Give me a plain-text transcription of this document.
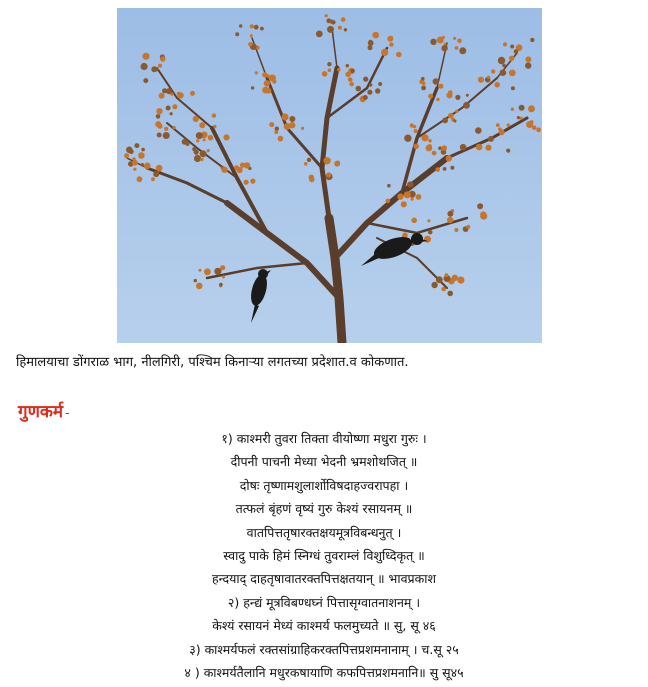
हिमालयाचा डोंगराळ भाग, नीलगिरी, पश्चिम किनाऱ्या लगतच्या प्रदेशात.व कोकणात.
गुणकर्म -
१) काश्मरी तुवरा तिक्ता वीयोष्णा मधुरा गुरुः ।
दीपनी पाचनी मेध्या भेदनी भ्रमशोथजित् ॥
दोषः तृष्णामशुलार्शोविषदाहज्वरापहा ।
तत्फलं बृंहणं वृष्यं गुरु केश्यं रसायनम् ॥
वातपित्ततृषारक्तक्षयमूत्रविबन्धनुत् ।
स्वादु पाके हिमं स्निग्धं तुवराम्लं विशुध्दिकृत् ॥
हन्दयाद् दाहतृषावातरक्तपित्तक्षतयान् ॥ भावप्रकाश
२) हन्द्यं मूत्रविबण्धघ्नं पित्तासृग्वातनाशनम् ।
केश्यं रसायनं मेध्यं काश्मर्य फलमुच्यते ॥ सु, सू ४६
३) काश्मर्यफलं रक्तसांग्राहिकरक्तपित्तप्रशमनानाम् । च.सू २५
४ ) काश्मर्यतैलानि मधुरकषायाणि कफपित्तप्रशमनानि॥ सु सू४५
